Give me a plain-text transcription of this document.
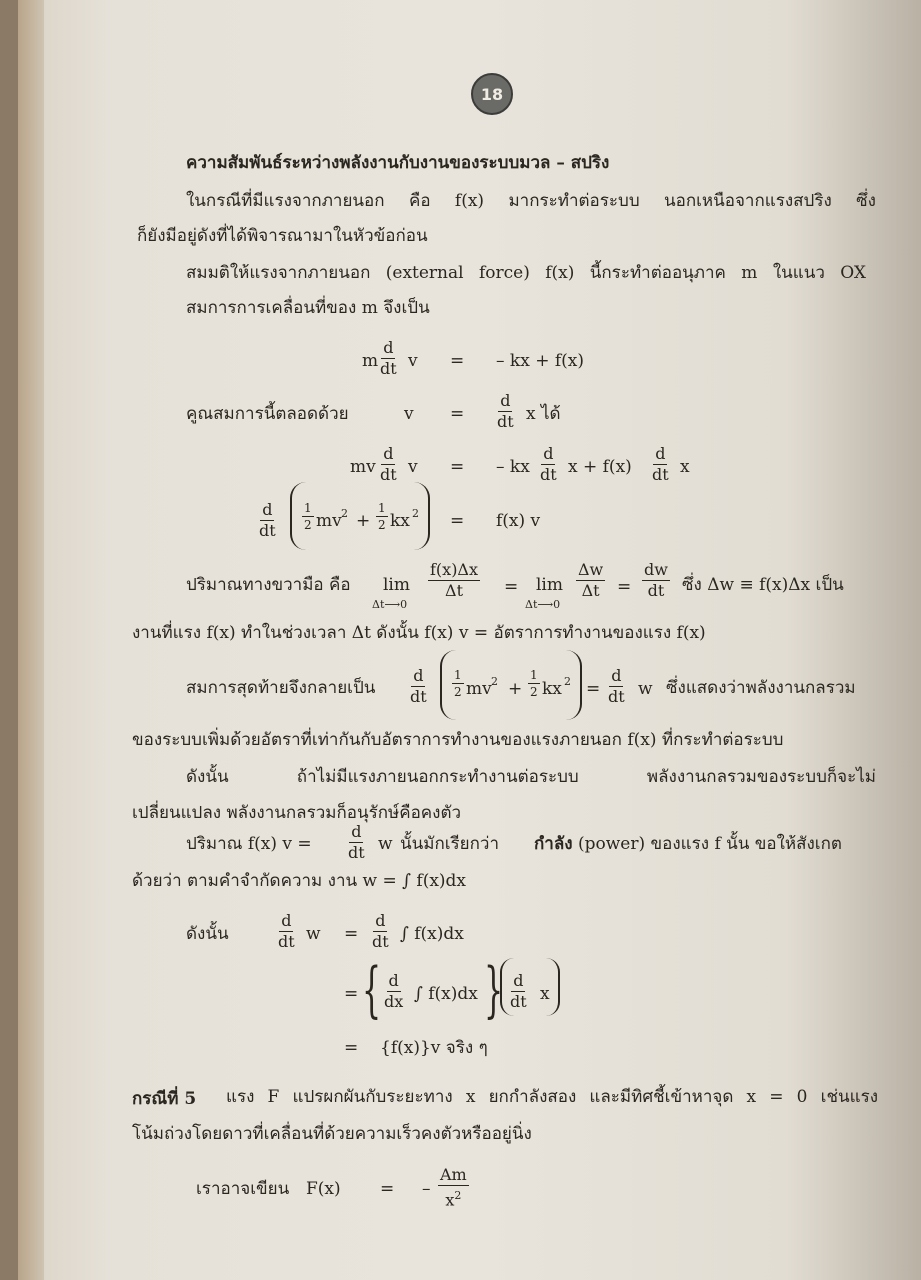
18
ความสัมพันธ์ระหว่างพลังงานกับงานของระบบมวล – สปริง
ในกรณีที่มีแรงจากภายนอก คือ f(x) มากระทำต่อระบบ นอกเหนือจากแรงสปริง ซึ่ง
ก็ยังมีอยู่ดังที่ได้พิจารณามาในหัวข้อก่อน
สมมติให้แรงจากภายนอก (external force) f(x) นี้กระทำต่ออนุภาค m ในแนว OX
สมการการเคลื่อนที่ของ m จึงเป็น
m
d
dt v = – kx + f(x)
คูณสมการนี้ตลอดด้วย	v =
d
dt x ได้
mv
d
dt v = – kx
d
dt x + f(x)
d
dt x
d
dt
1
2 mv 2 +
1
2 kx 2 = f(x) v
ปริมาณทางขวามือ คือ lim
Δt⟶0
$\frac{f(x)\Delta x}{\Delta t} = \lim$
Δt⟶0
$\frac{\Delta w}{\Delta t} = \frac{dw}{dt}$ ซึ่ง Δw ≡ f(x)Δx เป็น
งานที่แรง f(x) ทำในช่วงเวลา Δt ดังนั้น f(x) v = อัตราการทำงานของแรง f(x)
สมการสุดท้ายจึงกลายเป็น
d
dt
1
2 mv 2 +
1
2 kx 2 =
d
dt w ซึ่งแสดงว่าพลังงานกลรวม
ของระบบเพิ่มด้วยอัตราที่เท่ากันกับอัตราการทำงานของแรงภายนอก f(x) ที่กระทำต่อระบบ
ดังนั้น ถ้าไม่มีแรงภายนอกกระทำงานต่อระบบ พลังงานกลรวมของระบบก็จะไม่
เปลี่ยนแปลง พลังงานกลรวมก็อนุรักษ์คือคงตัว
ปริมาณ f(x) v =
d
dt w นั้นมักเรียกว่า กำลัง (power) ของแรง f นั้น ขอให้สังเกต
ด้วยว่า ตามคำจำกัดความ งาน w = ∫ f(x)dx
ดังนั้น
d
dt w =
d
dt ∫ f(x)dx
= { d
dx ∫ f(x)dx } d
dt x
= {f(x)}v จริง ๆ
กรณีที่ 5 แรง F แปรผกผันกับระยะทาง x ยกกำลังสอง และมีทิศชี้เข้าหาจุด x = 0 เช่นแรง
โน้มถ่วงโดยดาวที่เคลื่อนที่ด้วยความเร็วคงตัวหรืออยู่นิ่ง
เราอาจเขียน F(x) = – $\frac{Am}{x^2}$
